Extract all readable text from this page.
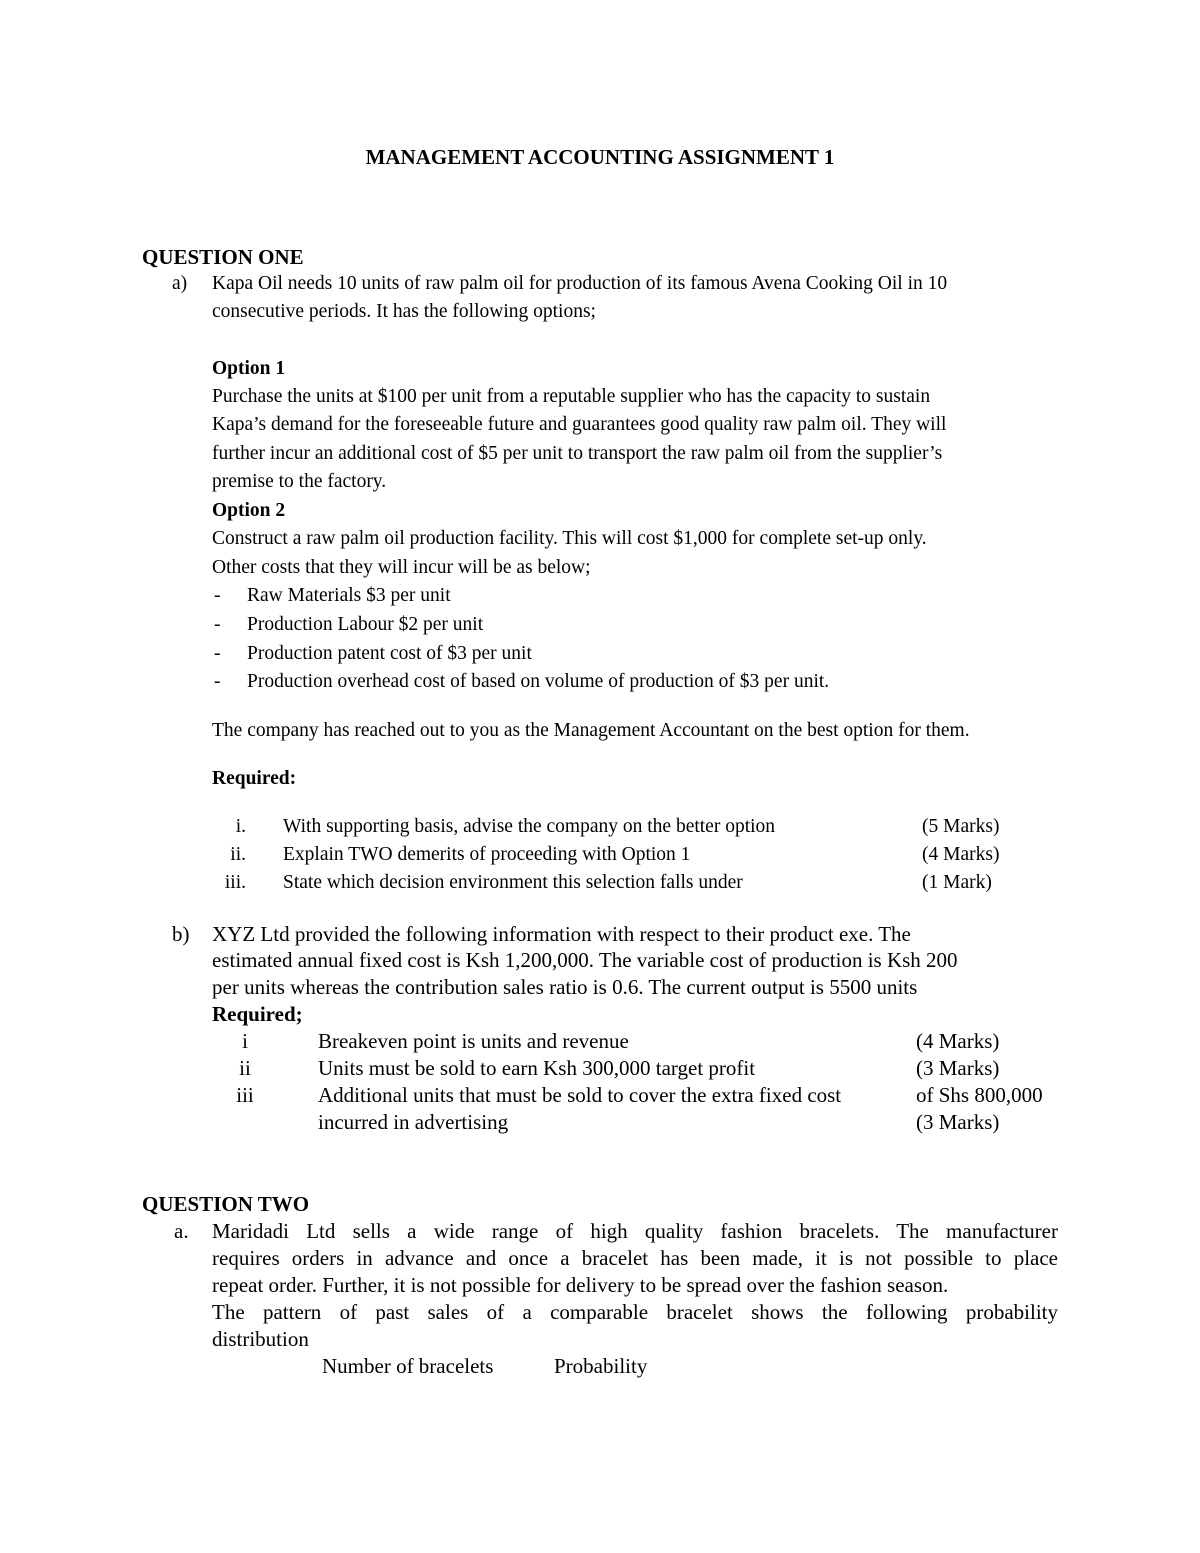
MANAGEMENT ACCOUNTING ASSIGNMENT 1
QUESTION ONE
a) Kapa Oil needs 10 units of raw palm oil for production of its famous Avena Cooking Oil in 10
consecutive periods. It has the following options;
Option 1
Purchase the units at $100 per unit from a reputable supplier who has the capacity to sustain
Kapa’s demand for the foreseeable future and guarantees good quality raw palm oil. They will
further incur an additional cost of $5 per unit to transport the raw palm oil from the supplier’s
premise to the factory.
Option 2
Construct a raw palm oil production facility. This will cost $1,000 for complete set-up only.
Other costs that they will incur will be as below;
- Raw Materials $3 per unit
- Production Labour $2 per unit
- Production patent cost of $3 per unit
- Production overhead cost of based on volume of production of $3 per unit.
The company has reached out to you as the Management Accountant on the best option for them.
Required:
i. With supporting basis, advise the company on the better option	(5 Marks)
ii. Explain TWO demerits of proceeding with Option 1	(4 Marks)
iii. State which decision environment this selection falls under	(1 Mark)
b) XYZ Ltd provided the following information with respect to their product exe. The
estimated annual fixed cost is Ksh 1,200,000. The variable cost of production is Ksh 200
per units whereas the contribution sales ratio is 0.6. The current output is 5500 units
Required;
i	Breakeven point is units and revenue	(4 Marks)
ii	Units must be sold to earn Ksh 300,000 target profit	(3 Marks)
iii	Additional units that must be sold to cover the extra fixed cost	of Shs 800,000
incurred in advertising	(3 Marks)
QUESTION TWO
a. Maridadi Ltd sells a wide range of high quality fashion bracelets. The manufacturer
requires orders in advance and once a bracelet has been made, it is not possible to place
repeat order. Further, it is not possible for delivery to be spread over the fashion season.
The pattern of past sales of a comparable bracelet shows the following probability
distribution
Number of bracelets	Probability
